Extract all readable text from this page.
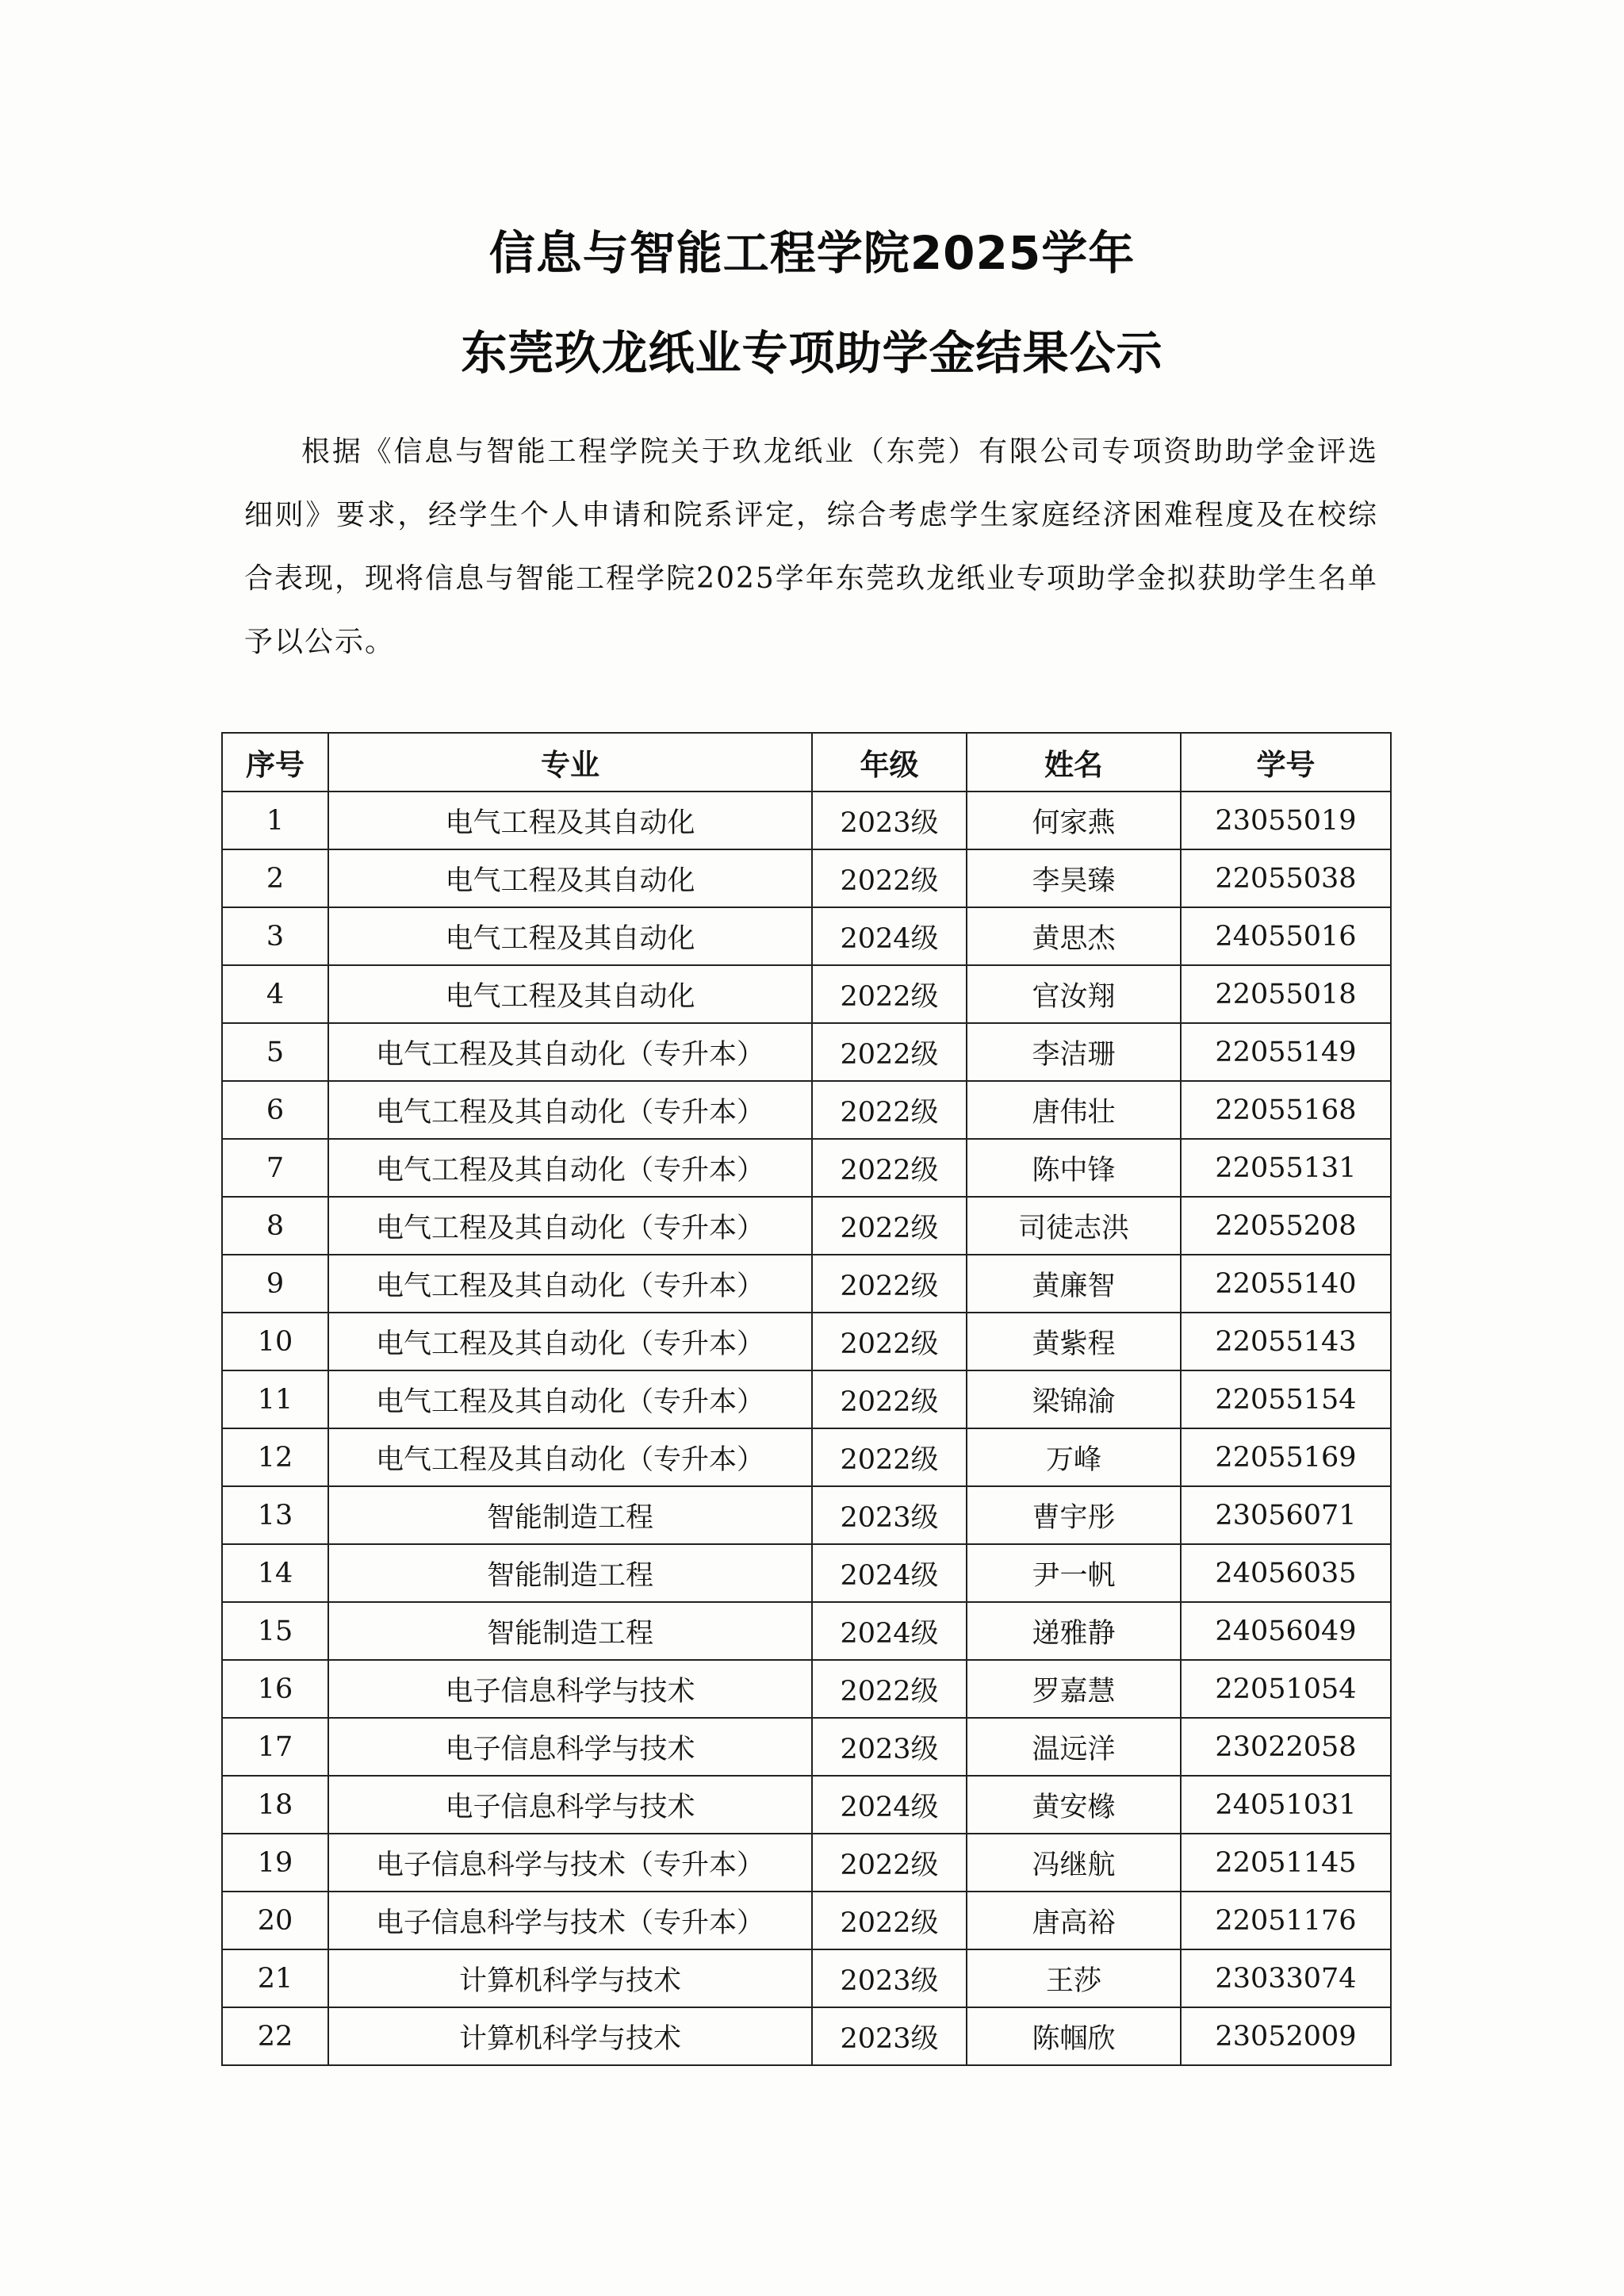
信息与智能工程学院2025学年
东莞玖龙纸业专项助学金结果公示

根据《信息与智能工程学院关于玖龙纸业（东莞）有限公司专项资助助学金评选细则》要求，经学生个人申请和院系评定，综合考虑学生家庭经济困难程度及在校综合表现，现将信息与智能工程学院2025学年东莞玖龙纸业专项助学金拟获助学生名单予以公示。

序号	专业	年级	姓名	学号
1	电气工程及其自动化	2023级	何家燕	23055019
2	电气工程及其自动化	2022级	李昊臻	22055038
3	电气工程及其自动化	2024级	黄思杰	24055016
4	电气工程及其自动化	2022级	官汝翔	22055018
5	电气工程及其自动化（专升本）	2022级	李洁珊	22055149
6	电气工程及其自动化（专升本）	2022级	唐伟壮	22055168
7	电气工程及其自动化（专升本）	2022级	陈中锋	22055131
8	电气工程及其自动化（专升本）	2022级	司徒志洪	22055208
9	电气工程及其自动化（专升本）	2022级	黄廉智	22055140
10	电气工程及其自动化（专升本）	2022级	黄紫程	22055143
11	电气工程及其自动化（专升本）	2022级	梁锦渝	22055154
12	电气工程及其自动化（专升本）	2022级	万峰	22055169
13	智能制造工程	2023级	曹宇彤	23056071
14	智能制造工程	2024级	尹一帆	24056035
15	智能制造工程	2024级	递雅静	24056049
16	电子信息科学与技术	2022级	罗嘉慧	22051054
17	电子信息科学与技术	2023级	温远洋	23022058
18	电子信息科学与技术	2024级	黄安橼	24051031
19	电子信息科学与技术（专升本）	2022级	冯继航	22051145
20	电子信息科学与技术（专升本）	2022级	唐高裕	22051176
21	计算机科学与技术	2023级	王莎	23033074
22	计算机科学与技术	2023级	陈帼欣	23052009
